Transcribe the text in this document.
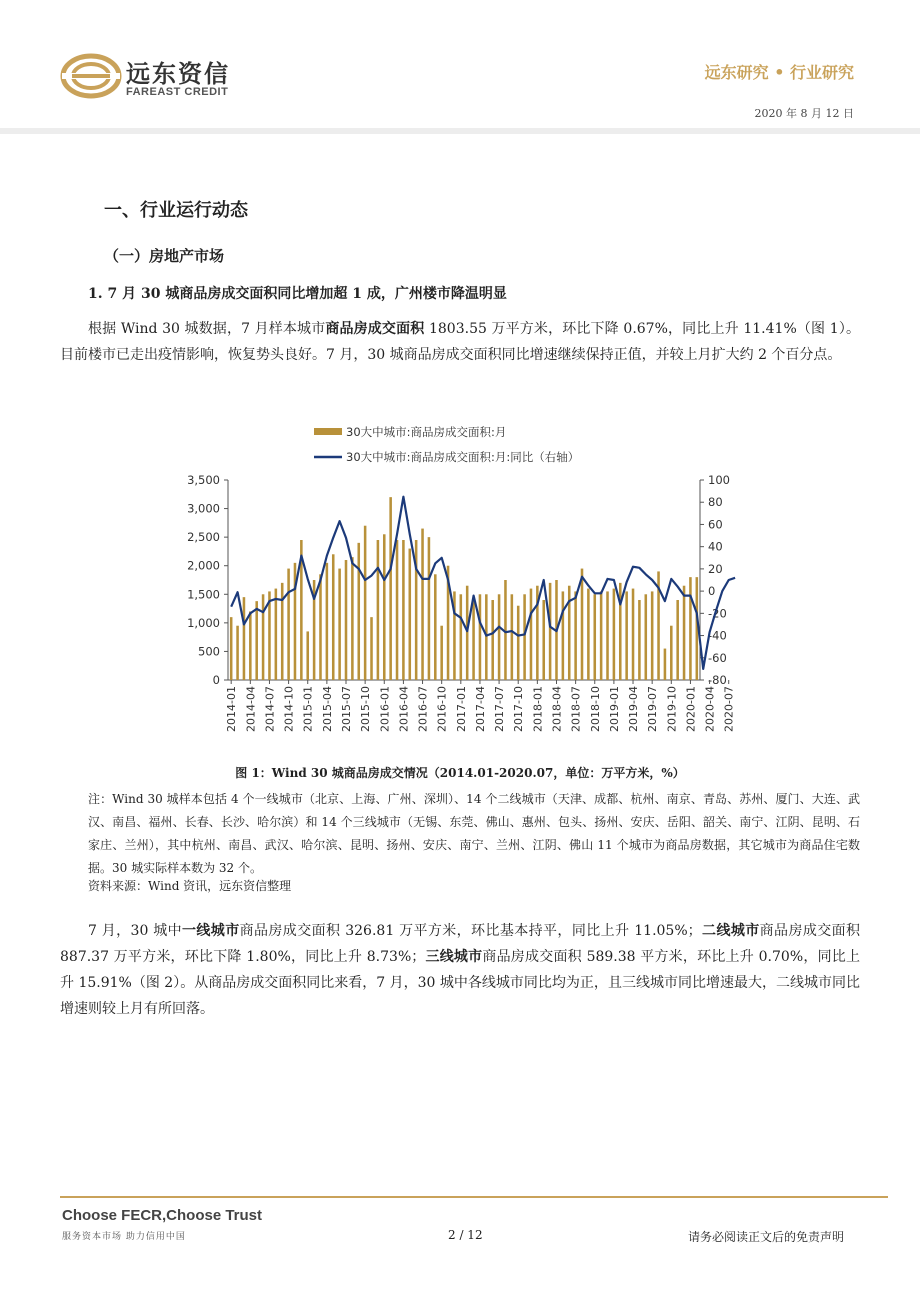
远东资信
FAREAST CREDIT
远东研究 • 行业研究
2020 年 8 月 12 日
一、行业运行动态
（一）房地产市场
1. 7 月 30 城商品房成交面积同比增加超 1 成，广州楼市降温明显
根据 Wind 30 城数据，7 月样本城市商品房成交面积 1803.55 万平方米，环比下降 0.67%，同比上升 11.41%（图 1）。目前楼市已走出疫情影响，恢复势头良好。7 月，30 城商品房成交面积同比增速继续保持正值，并较上月扩大约 2 个百分点。
30大中城市:商品房成交面积:月
30大中城市:商品房成交面积:月:同比（右轴）
0
500
1,000
1,500
2,000
2,500
3,000
3,500
-80
-60
-40
-20
0
20
40
60
80
100
2014-01 2014-04 2014-07 2014-10 2015-01 2015-04 2015-07 2015-10 2016-01 2016-04 2016-07 2016-10 2017-01 2017-04 2017-07 2017-10 2018-01 2018-04 2018-07 2018-10 2019-01 2019-04 2019-07 2019-10 2020-01 2020-04 2020-07
图 1：Wind 30 城商品房成交情况（2014.01-2020.07，单位：万平方米，%）
注：Wind 30 城样本包括 4 个一线城市（北京、上海、广州、深圳）、14 个二线城市（天津、成都、杭州、南京、青岛、苏州、厦门、大连、武汉、南昌、福州、长春、长沙、哈尔滨）和 14 个三线城市（无锡、东莞、佛山、惠州、包头、扬州、安庆、岳阳、韶关、南宁、江阴、昆明、石家庄、兰州），其中杭州、南昌、武汉、哈尔滨、昆明、扬州、安庆、南宁、兰州、江阴、佛山 11 个城市为商品房数据，其它城市为商品住宅数据。30 城实际样本数为 32 个。
资料来源：Wind 资讯，远东资信整理
7 月，30 城中一线城市商品房成交面积 326.81 万平方米，环比基本持平，同比上升 11.05%；二线城市商品房成交面积 887.37 万平方米，环比下降 1.80%，同比上升 8.73%；三线城市商品房成交面积 589.38 平方米，环比上升 0.70%，同比上升 15.91%（图 2）。从商品房成交面积同比来看，7 月，30 城中各线城市同比均为正，且三线城市同比增速最大，二线城市同比增速则较上月有所回落。
Choose FECR,Choose Trust
服务资本市场 助力信用中国	2 / 12	请务必阅读正文后的免责声明
